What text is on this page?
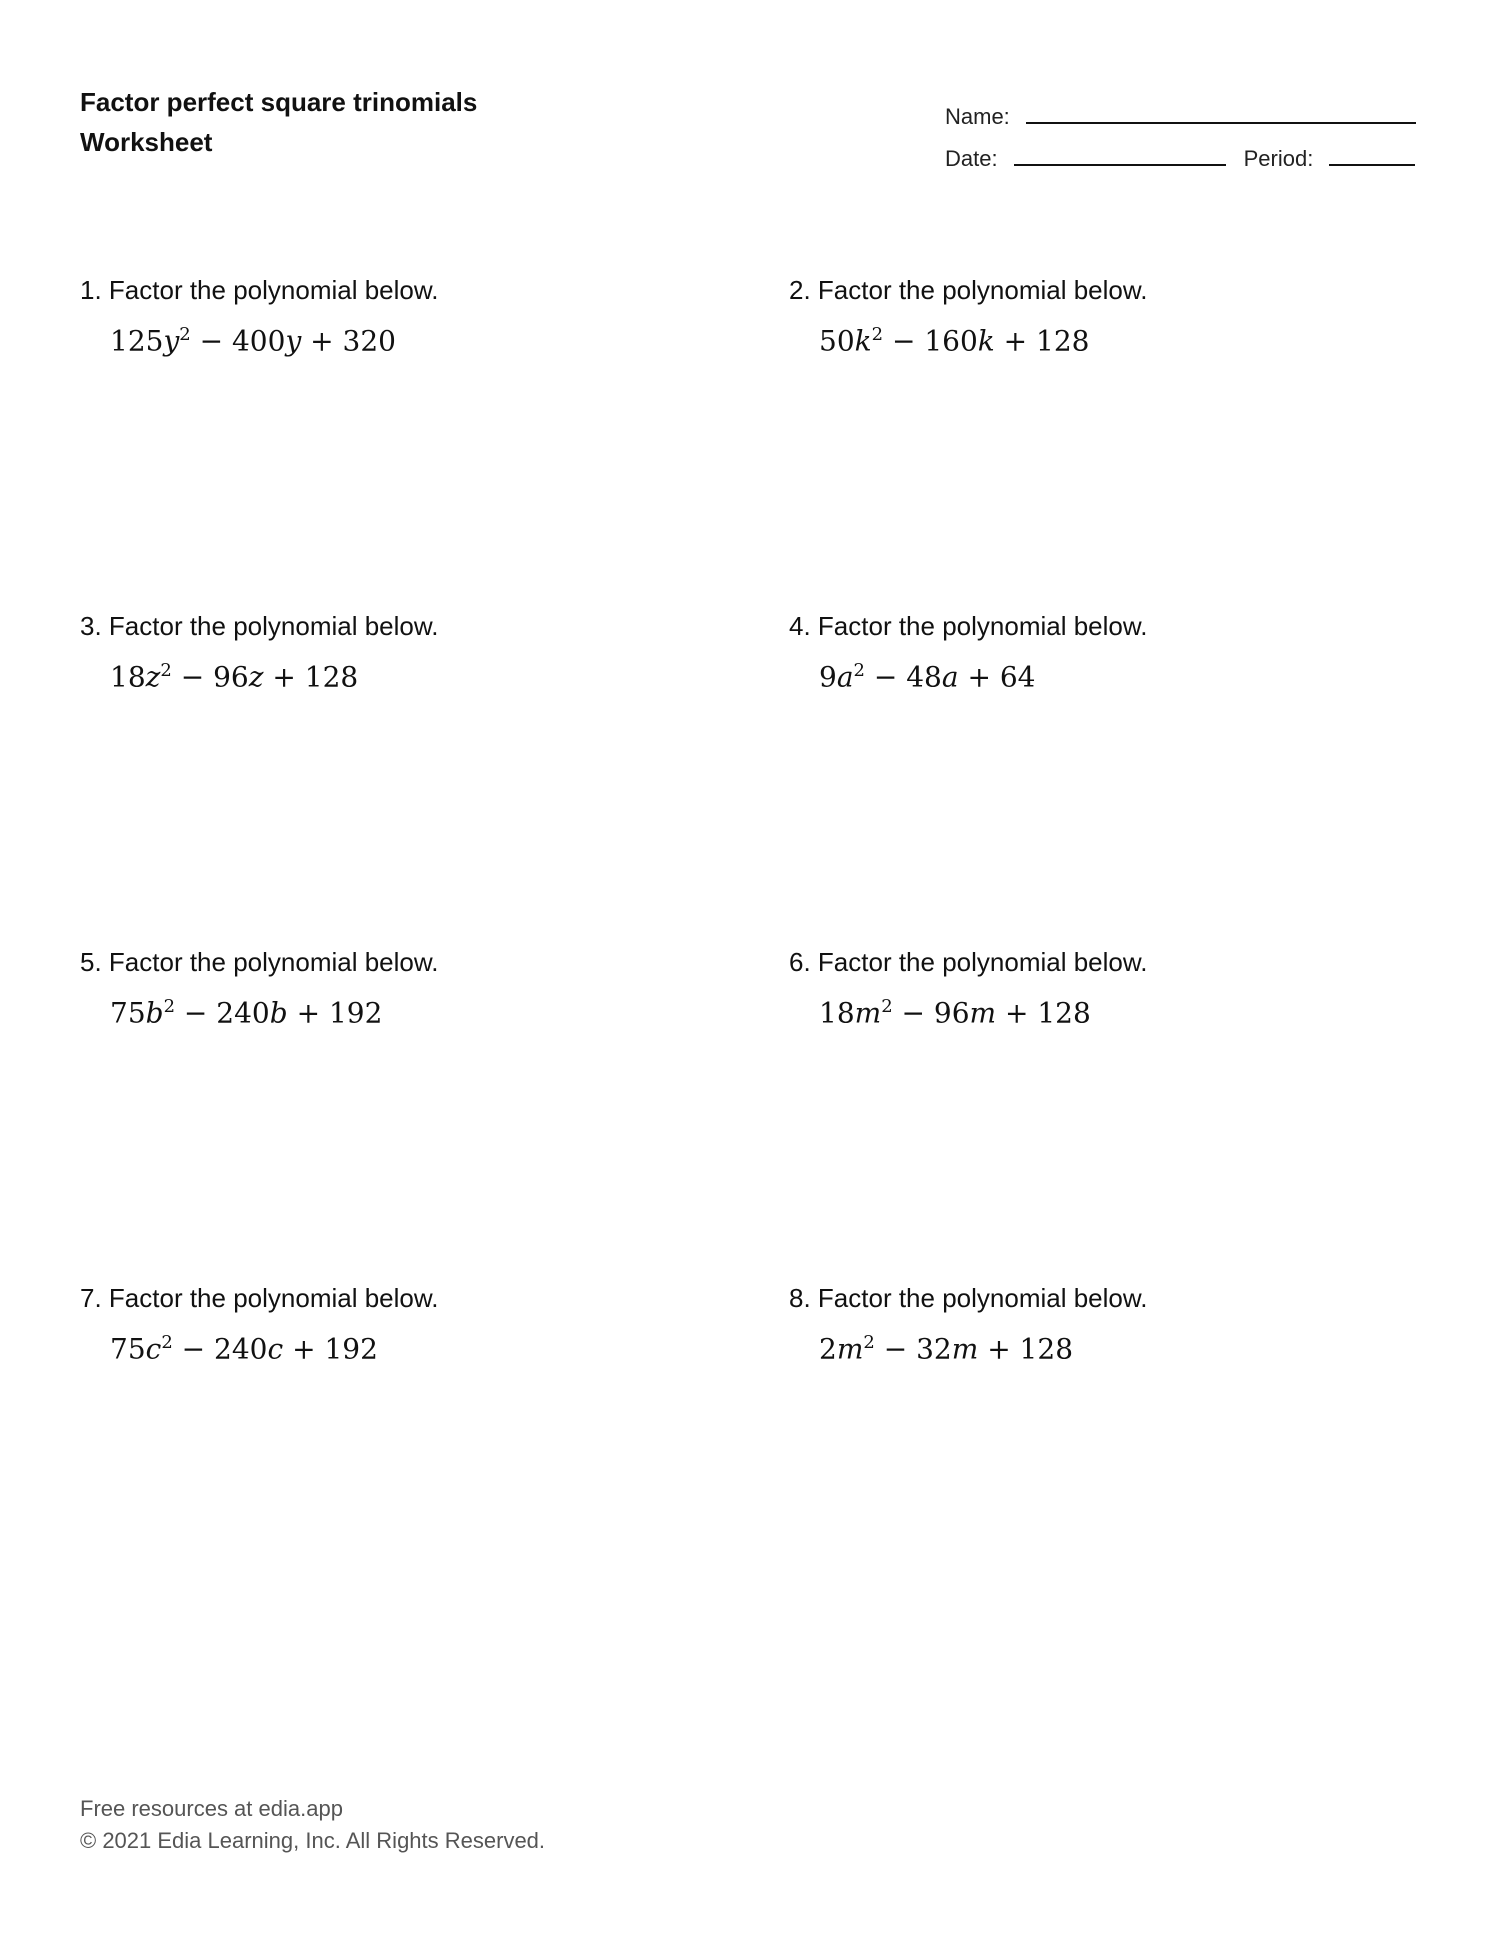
Factor perfect square trinomials
Worksheet
Name:
Date:	Period:
1. Factor the polynomial below.
$125y^2 - 400y + 320$
2. Factor the polynomial below.
$50k^2 - 160k + 128$
3. Factor the polynomial below.
$18z^2 - 96z + 128$
4. Factor the polynomial below.
$9a^2 - 48a + 64$
5. Factor the polynomial below.
$75b^2 - 240b + 192$
6. Factor the polynomial below.
$18m^2 - 96m + 128$
7. Factor the polynomial below.
$75c^2 - 240c + 192$
8. Factor the polynomial below.
$2m^2 - 32m + 128$
Free resources at edia.app
© 2021 Edia Learning, Inc. All Rights Reserved.
